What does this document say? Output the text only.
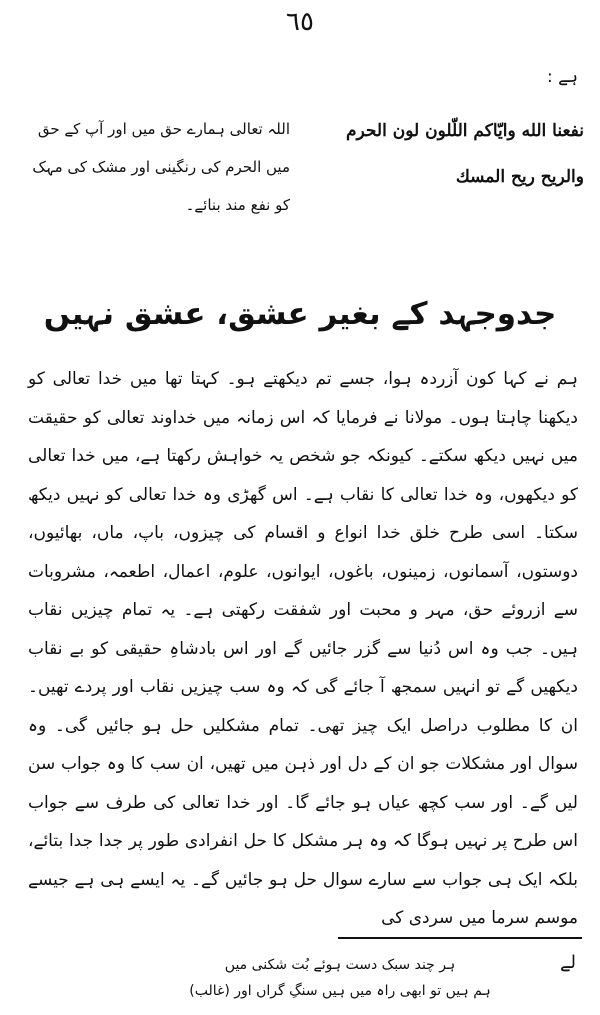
٦٥
ہے :
نفعنا الله وایّاكم اللّلون لون الحرم
والريح ريح المسك
اللہ تعالی ہمارے حق میں اور آپ کے حق میں الحرم کی رنگینی اور مشک کی مہک کو نفع مند بنائے۔
جدوجہد کے بغیر عشق، عشق نہیں

ہم نے کہا کون آزردہ ہوا، جسے تم دیکھتے ہو۔ کہتا تھا میں خدا تعالی کو دیکھنا چاہتا ہوں۔ مولانا نے فرمایا کہ اس زمانہ میں خداوند تعالی کو حقیقت میں نہیں دیکھ سکتے۔ کیونکہ جو شخص یہ خواہش رکھتا ہے، میں خدا تعالی کو دیکھوں، وہ خدا تعالی کا نقاب ہے۔ اس گھڑی وہ خدا تعالی کو نہیں دیکھ سکتا۔ اسی طرح خلق خدا انواع و اقسام کی چیزوں، باپ، ماں، بھائیوں، دوستوں، آسمانوں، زمینوں، باغوں، ایوانوں، علوم، اعمال، اطعمہ، مشروبات سے ازروئے حق، مہر و محبت اور شفقت رکھتی ہے۔ یہ تمام چیزیں نقاب ہیں۔ جب وہ اس دُنیا سے گزر جائیں گے اور اس بادشاہِ حقیقی کو بے نقاب دیکھیں گے تو انہیں سمجھ آ جائے گی کہ وہ سب چیزیں نقاب اور پردے تھیں۔ ان کا مطلوب دراصل ایک چیز تھی۔ تمام مشکلیں حل ہو جائیں گی۔ وہ سوال اور مشکلات جو ان کے دل اور ذہن میں تھیں، ان سب کا وہ جواب سن لیں گے۔ اور سب کچھ عیاں ہو جائے گا۔ اور خدا تعالی کی طرف سے جواب اس طرح پر نہیں ہوگا کہ وہ ہر مشکل کا حل انفرادی طور پر جدا جدا بتائے، بلکہ ایک ہی جواب سے سارے سوال حل ہو جائیں گے۔ یہ ایسے ہی ہے جیسے موسم سرما میں سردی کی

لے
ہر چند سبک دست ہوئے بُت شکنی میں
ہم ہیں تو ابھی راہ میں ہیں سنگِ گراں اور (غالب)
